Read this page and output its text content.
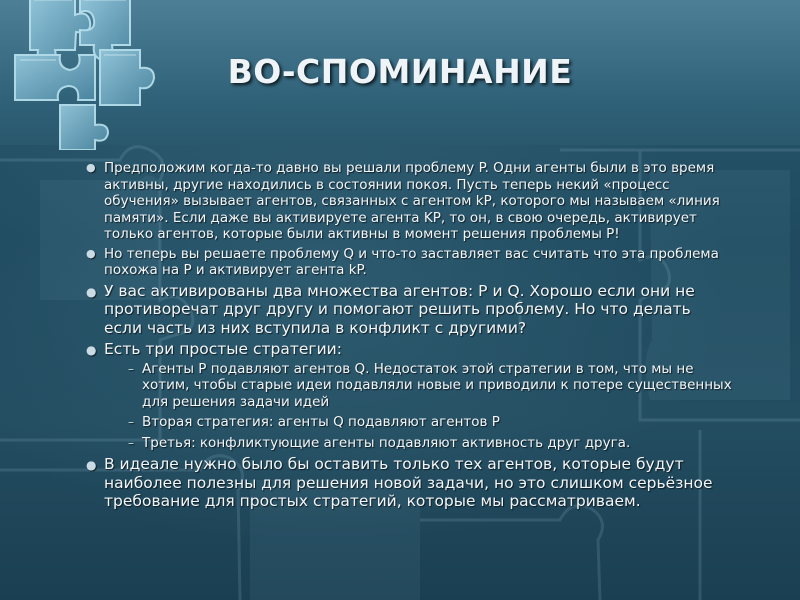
ВО-СПОМИНАНИЕ
● Предположим когда-то давно вы решали проблему P. Одни агенты были в это время активны, другие находились в состоянии покоя. Пусть теперь некий «процесс обучения» вызывает агентов, связанных с агентом kP, которого мы называем «линия памяти». Если даже вы активируете агента KP, то он, в свою очередь, активирует только агентов, которые были активны в момент решения проблемы P!
● Но теперь вы решаете проблему Q и что-то заставляет вас считать что эта проблема похожа на P и активирует агента kP.
● У вас активированы два множества агентов: P и Q. Хорошо если они не противоречат друг другу и помогают решить проблему. Но что делать если часть из них вступила в конфликт с другими?
● Есть три простые стратегии:
– Агенты P подавляют агентов Q. Недостаток этой стратегии в том, что мы не хотим, чтобы старые идеи подавляли новые и приводили к потере существенных для решения задачи идей
– Вторая стратегия: агенты Q подавляют агентов P
– Третья: конфликтующие агенты подавляют активность друг друга.
● В идеале нужно было бы оставить только тех агентов, которые будут наиболее полезны для решения новой задачи, но это слишком серьёзное требование для простых стратегий, которые мы рассматриваем.
